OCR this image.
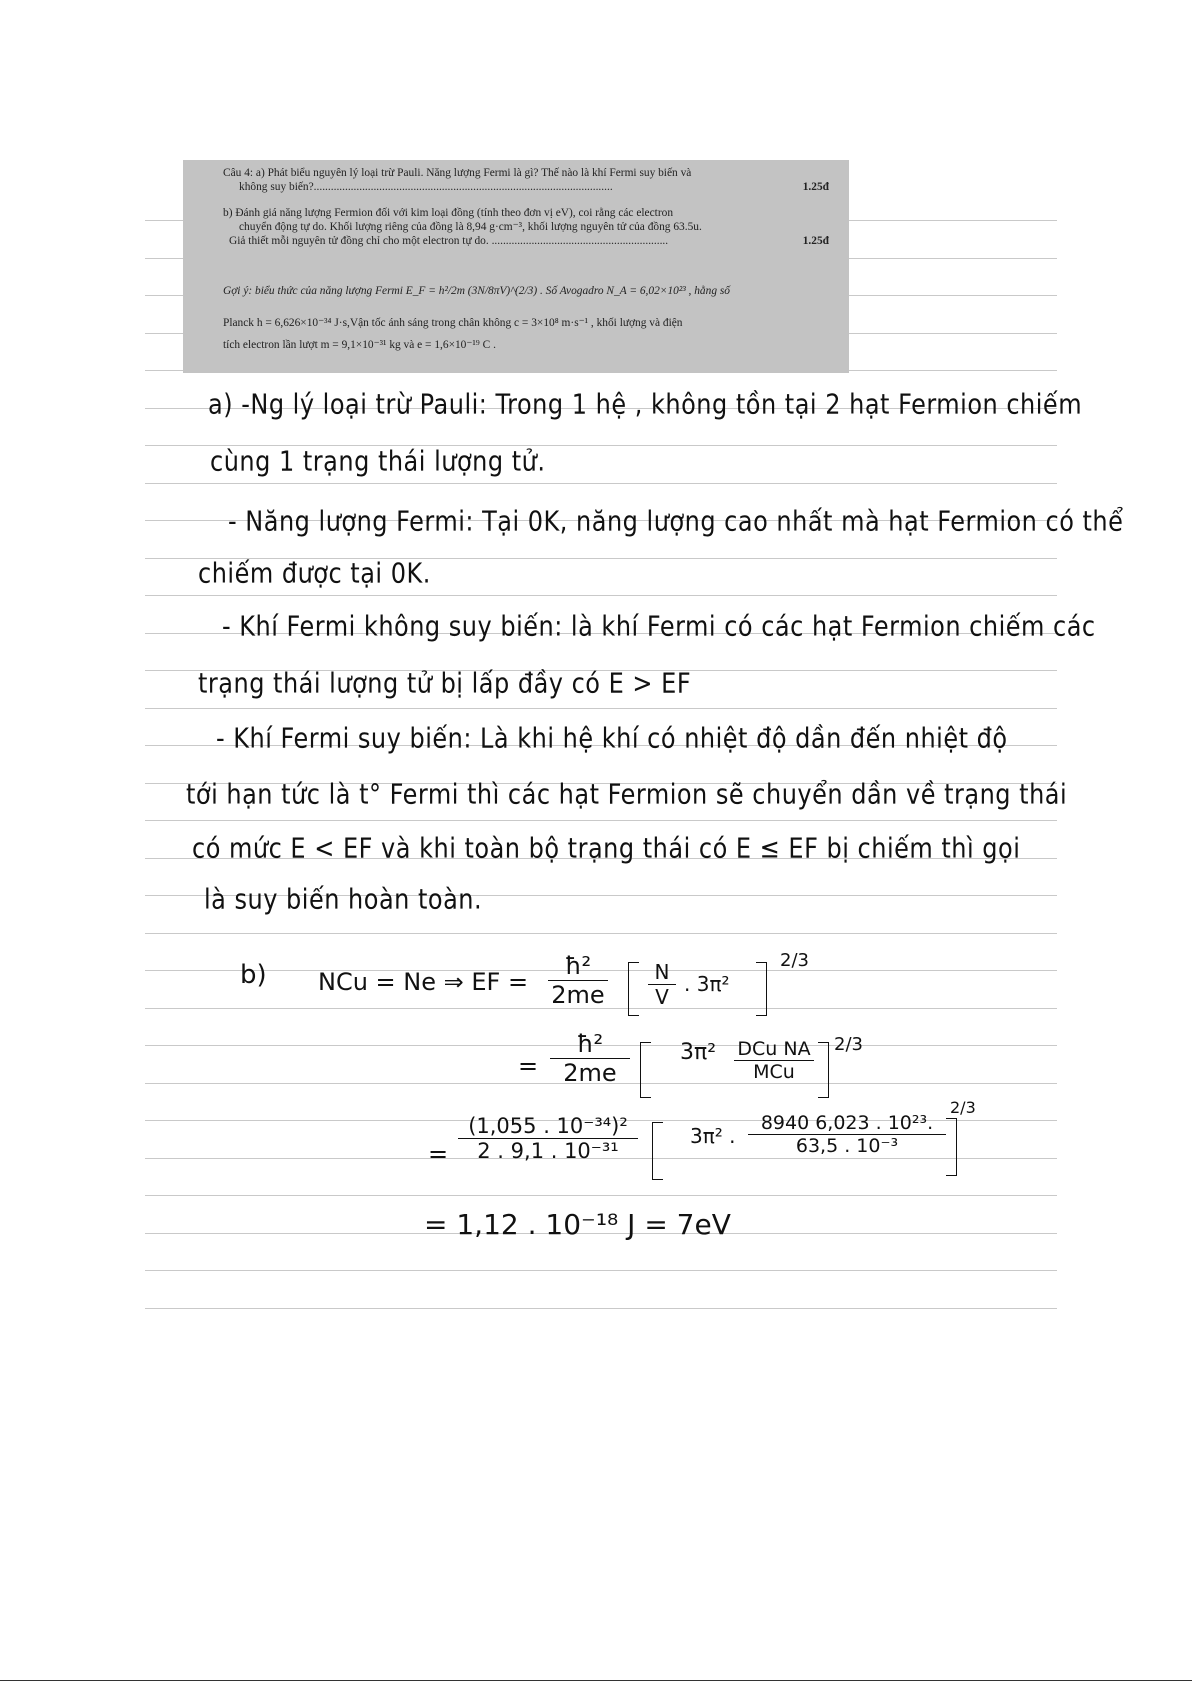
Câu 4: a) Phát biểu nguyên lý loại trừ Pauli. Năng lượng Fermi là gì? Thế nào là khí Fermi suy biến và
không suy biến?.........................................................................................................	1.25đ
b) Đánh giá năng lượng Fermion đối với kim loại đồng (tính theo đơn vị eV), coi rằng các electron
chuyển động tự do. Khối lượng riêng của đồng là 8,94 g·cm⁻³, khối lượng nguyên tử của đồng 63.5u.
Giả thiết mỗi nguyên tử đồng chỉ cho một electron tự do. ..............................................................	1.25đ
Gợi ý: biểu thức của năng lượng Fermi E_F = h²/2m (3N/8πV)^(2/3) . Số Avogadro N_A = 6,02×10²³ , hằng số
Planck h = 6,626×10⁻³⁴ J·s,Vận tốc ánh sáng trong chân không c = 3×10⁸ m·s⁻¹ , khối lượng và điện
tích electron lần lượt m = 9,1×10⁻³¹ kg và e = 1,6×10⁻¹⁹ C .
a) -Ng lý loại trừ Pauli: Trong 1 hệ , không tồn tại 2 hạt Fermion chiếm
cùng 1 trạng thái lượng tử.
- Năng lượng Fermi: Tại 0K, năng lượng cao nhất mà hạt Fermion có thể
chiếm được tại 0K.
- Khí Fermi không suy biến: là khí Fermi có các hạt Fermion chiếm các
trạng thái lượng tử bị lấp đầy có E > EF
- Khí Fermi suy biến: Là khi hệ khí có nhiệt độ dần đến nhiệt độ
tới hạn tức là t° Fermi thì các hạt Fermion sẽ chuyển dần về trạng thái
có mức E < EF và khi toàn bộ trạng thái có E ≤ EF bị chiếm thì gọi
là suy biến hoàn toàn.
b) NCu = Ne ⇒ EF =
ħ²
2me
N
V
. 3π²
2/3
=
ħ²
2me
3π² DCu NA
MCu
2/3
=
(1,055 . 10⁻³⁴)²
2 . 9,1 . 10⁻³¹
3π² .
8940 6,023 . 10²³.
63,5 . 10⁻³
2/3
= 1,12 . 10⁻¹⁸ J = 7eV
